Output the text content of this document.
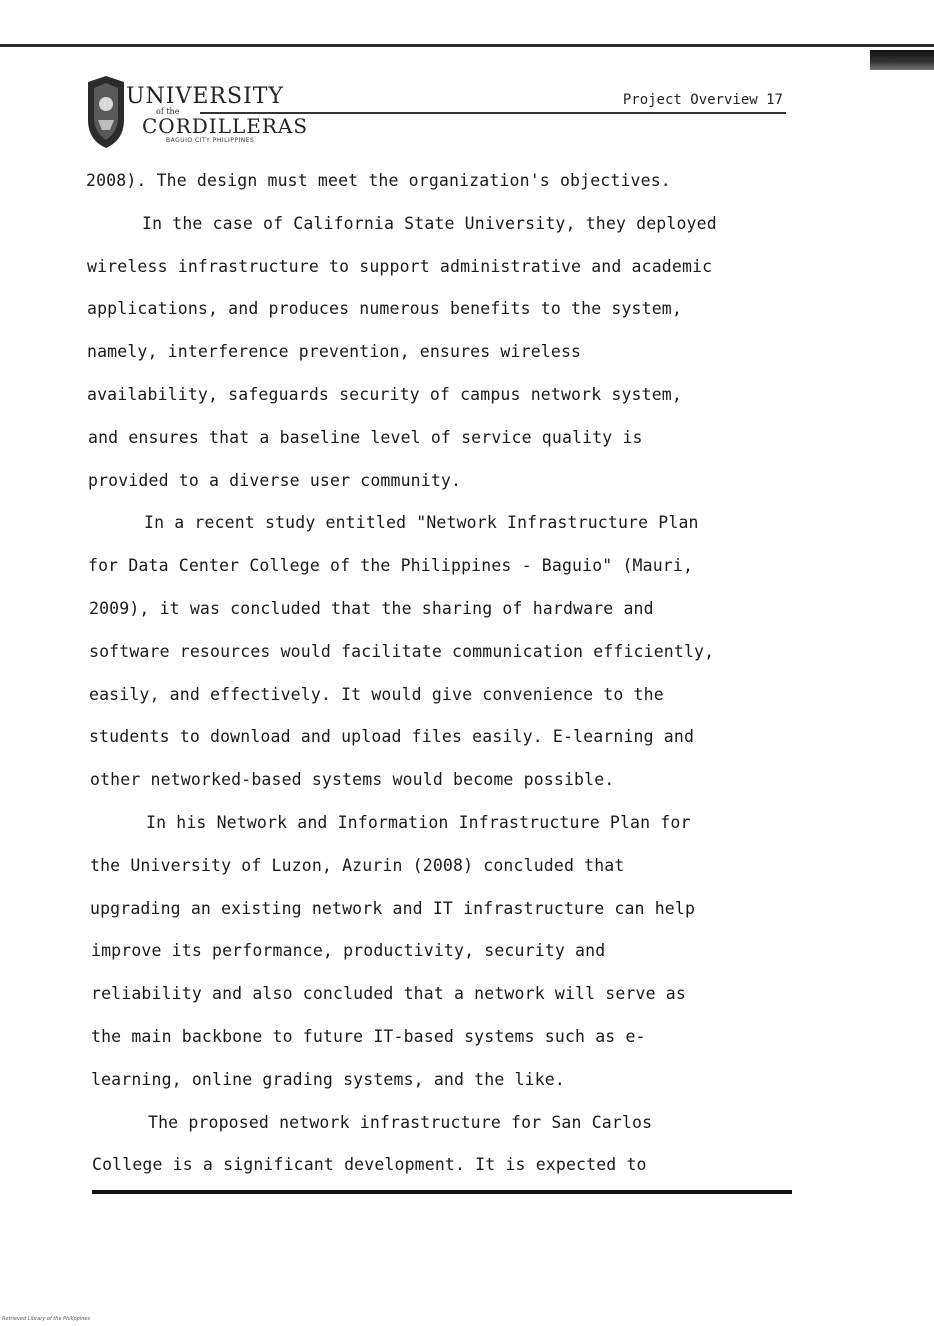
UNIVERSITY
of the
CORDILLERAS
BAGUIO CITY PHILIPPINES
Project Overview 17
2008). The design must meet the organization's objectives.
In the case of California State University, they deployed
wireless infrastructure to support administrative and academic
applications, and produces numerous benefits to the system,
namely, interference prevention, ensures wireless
availability, safeguards security of campus network system,
and ensures that a baseline level of service quality is
provided to a diverse user community.
In a recent study entitled "Network Infrastructure Plan
for Data Center College of the Philippines - Baguio" (Mauri,
2009), it was concluded that the sharing of hardware and
software resources would facilitate communication efficiently,
easily, and effectively. It would give convenience to the
students to download and upload files easily. E-learning and
other networked-based systems would become possible.
In his Network and Information Infrastructure Plan for
the University of Luzon, Azurin (2008) concluded that
upgrading an existing network and IT infrastructure can help
improve its performance, productivity, security and
reliability and also concluded that a network will serve as
the main backbone to future IT-based systems such as e-
learning, online grading systems, and the like.
The proposed network infrastructure for San Carlos
College is a significant development. It is expected to
Retrieved Library of the Philippines
